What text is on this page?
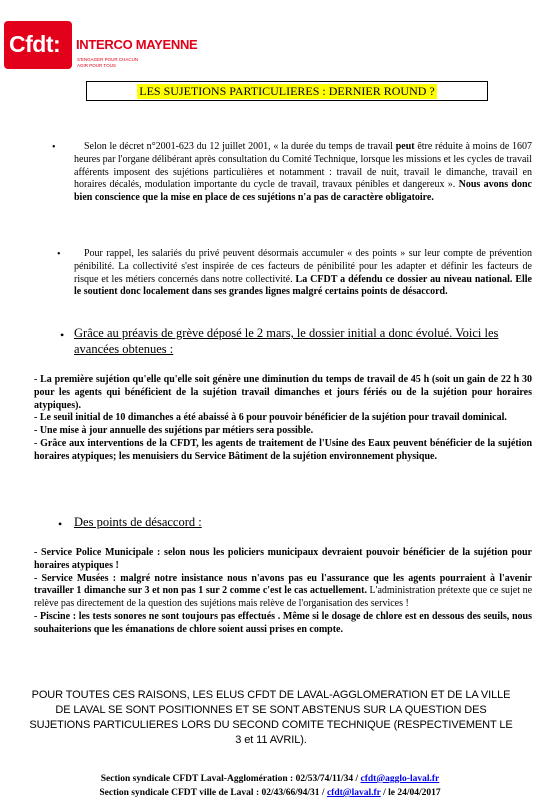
Cfdt: INTERCO MAYENNE
S'ENGAGER POUR CHACUN
AGIR POUR TOUS
LES SUJETIONS PARTICULIERES : DERNIER ROUND ?
•	Selon le décret n°2001-623 du 12 juillet 2001, « la durée du temps de travail peut être réduite à moins de 1607 heures par l'organe délibérant après consultation du Comité Technique, lorsque les missions et les cycles de travail afférents imposent des sujétions particulières et notamment : travail de nuit, travail le dimanche, travail en horaires décalés, modulation importante du cycle de travail, travaux pénibles et dangereux ». Nous avons donc bien conscience que la mise en place de ces sujétions n'a pas de caractère obligatoire.

•	Pour rappel, les salariés du privé peuvent désormais accumuler « des points » sur leur compte de prévention pénibilité. La collectivité s'est inspirée de ces facteurs de pénibilité pour les adapter et définir les facteurs de risque et les métiers concernés dans notre collectivité. La CFDT a défendu ce dossier au niveau national. Elle le soutient donc localement dans ses grandes lignes malgré certains points de désaccord.

• Grâce au préavis de grève déposé le 2 mars, le dossier initial a donc évolué. Voici les avancées obtenues :

- La première sujétion qu'elle qu'elle soit génère une diminution du temps de travail de 45 h (soit un gain de 22 h 30 pour les agents qui bénéficient de la sujétion travail dimanches et jours fériés ou de la sujétion pour horaires atypiques).

- Le seuil initial de 10 dimanches a été abaissé à 6 pour pouvoir bénéficier de la sujétion pour travail dominical.

- Une mise à jour annuelle des sujétions par métiers sera possible.

- Grâce aux interventions de la CFDT, les agents de traitement de l'Usine des Eaux peuvent bénéficier de la sujétion horaires atypiques; les menuisiers du Service Bâtiment de la sujétion environnement physique.

• Des points de désaccord :

- Service Police Municipale : selon nous les policiers municipaux devraient pouvoir bénéficier de la sujétion pour horaires atypiques !

- Service Musées : malgré notre insistance nous n'avons pas eu l'assurance que les agents pourraient à l'avenir travailler 1 dimanche sur 3 et non pas 1 sur 2 comme c'est le cas actuellement. L'administration prétexte que ce sujet ne relève pas directement de la question des sujétions mais relève de l'organisation des services !

- Piscine : les tests sonores ne sont toujours pas effectués . Même si le dosage de chlore est en dessous des seuils, nous souhaiterions que les émanations de chlore soient aussi prises en compte.

POUR TOUTES CES RAISONS, LES ELUS CFDT DE LAVAL-AGGLOMERATION ET DE LA VILLE DE LAVAL SE SONT POSITIONNES ET SE SONT ABSTENUS SUR LA QUESTION DES SUJETIONS PARTICULIERES LORS DU SECOND COMITE TECHNIQUE (RESPECTIVEMENT LE 3 et 11 AVRIL).
Section syndicale CFDT Laval-Agglomération : 02/53/74/11/34 / cfdt@agglo-laval.fr
Section syndicale CFDT ville de Laval : 02/43/66/94/31 / cfdt@laval.fr / le 24/04/2017
